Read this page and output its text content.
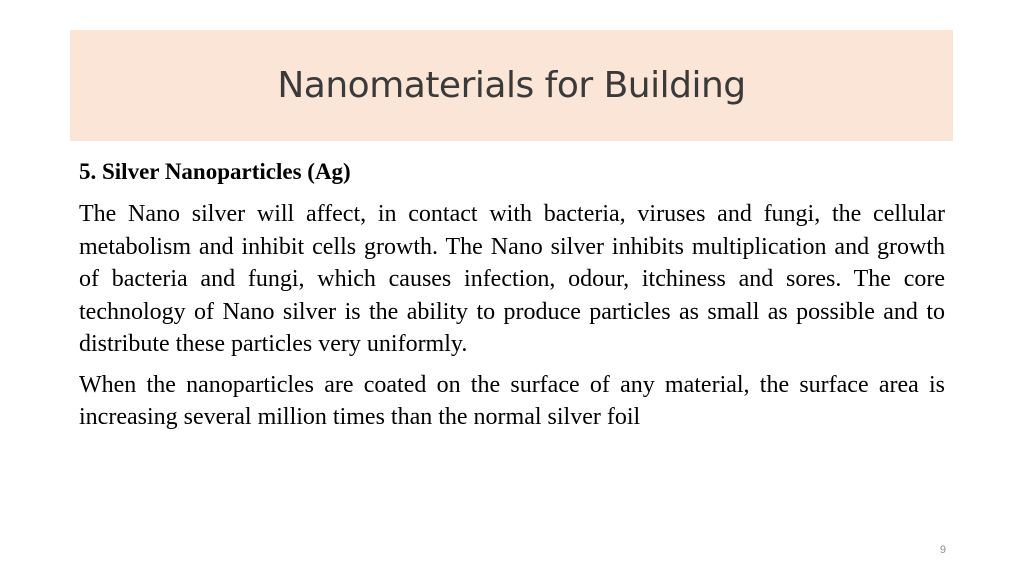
Nanomaterials for Building

5. Silver Nanoparticles (Ag)

The Nano silver will affect, in contact with bacteria, viruses and fungi, the cellular metabolism and inhibit cells growth. The Nano silver inhibits multiplication and growth of bacteria and fungi, which causes infection, odour, itchiness and sores. The core technology of Nano silver is the ability to produce particles as small as possible and to distribute these particles very uniformly.

When the nanoparticles are coated on the surface of any material, the surface area is increasing several million times than the normal silver foil

9
